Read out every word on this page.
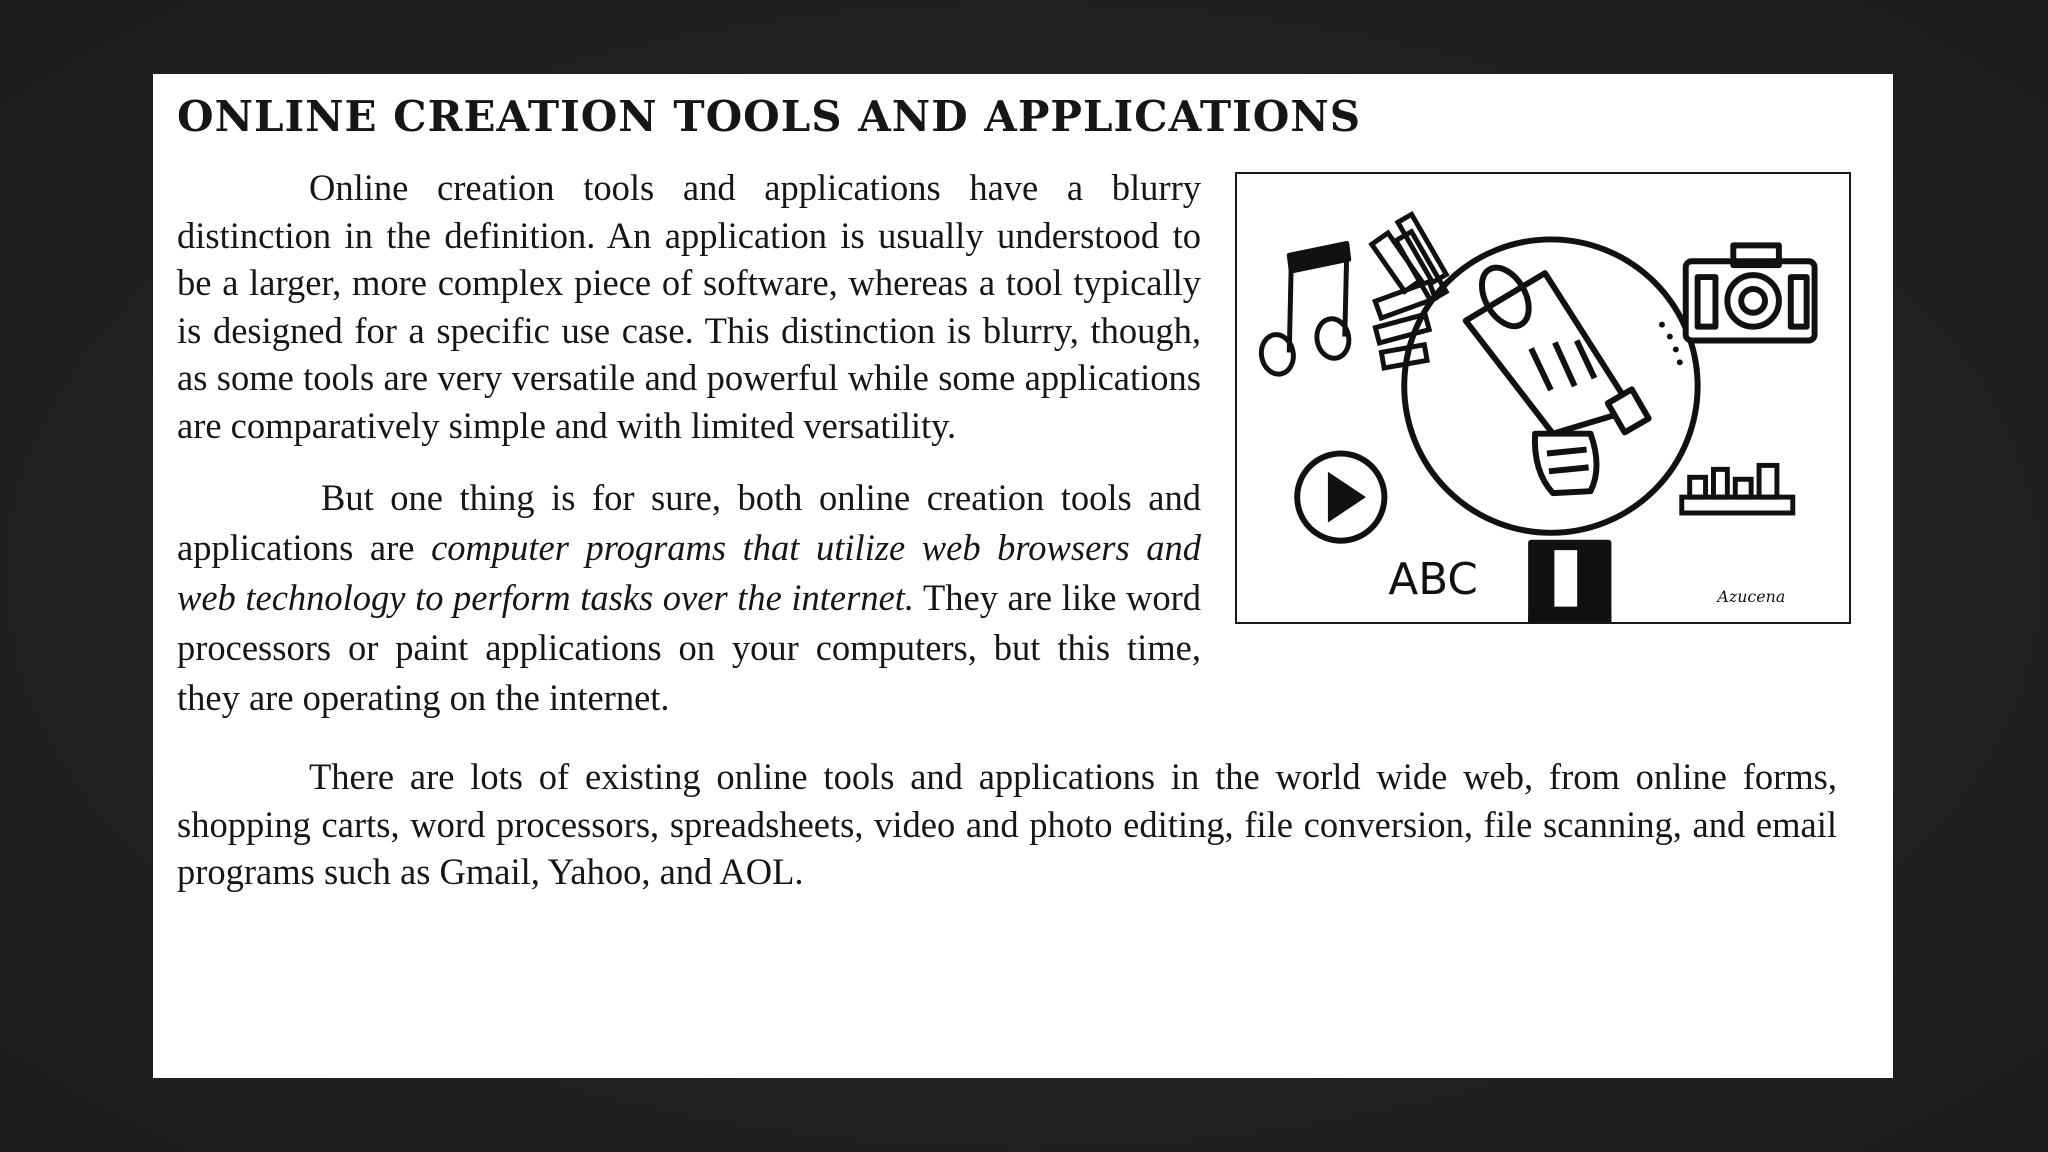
ONLINE CREATION TOOLS AND APPLICATIONS
ABC	Azucena

Online creation tools and applications have a blurry distinction in the definition. An application is usually understood to be a larger, more complex piece of software, whereas a tool typically is designed for a specific use case. This distinction is blurry, though, as some tools are very versatile and powerful while some applications are comparatively simple and with limited versatility.

But one thing is for sure, both online creation tools and applications are computer programs that utilize web browsers and web technology to perform tasks over the internet. They are like word processors or paint applications on your computers, but this time, they are operating on the internet.

There are lots of existing online tools and applications in the world wide web, from online forms, shopping carts, word processors, spreadsheets, video and photo editing, file conversion, file scanning, and email programs such as Gmail, Yahoo, and AOL.
